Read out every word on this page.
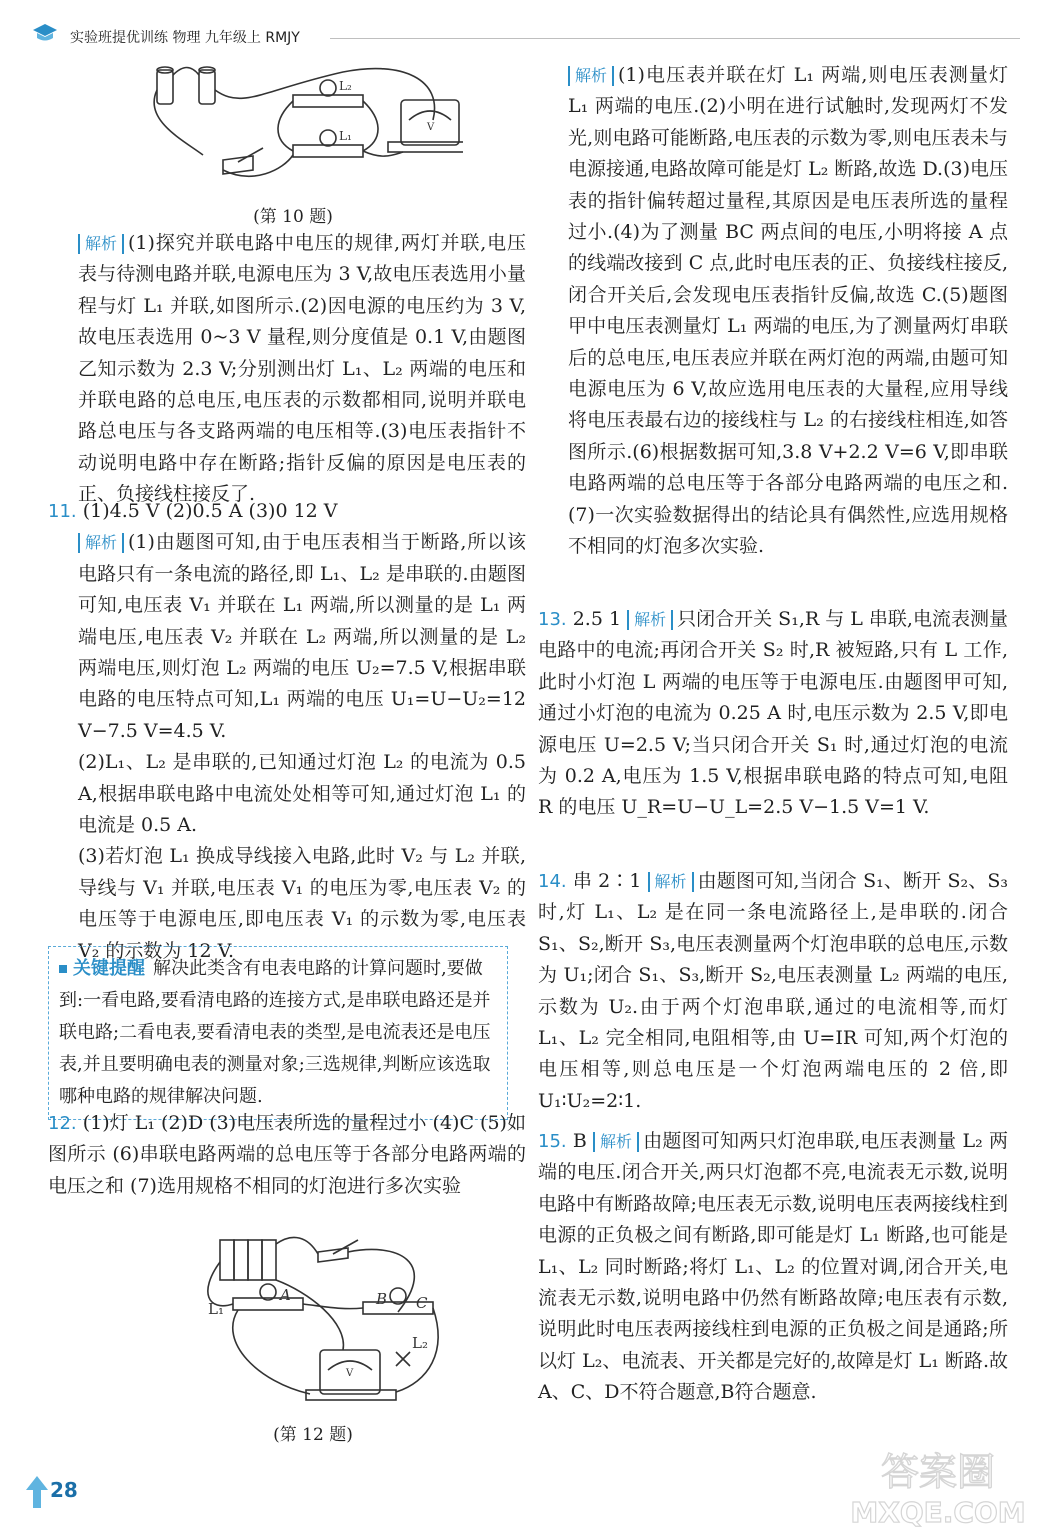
实验班提优训练 物理 九年级上 RMJY
L₂
L₁
V
(第 10 题)

解析 (1)探究并联电路中电压的规律,两灯并联,电压表与待测电路并联,电源电压为 3 V,故电压表选用小量程与灯 L₁ 并联,如图所示.(2)因电源的电压约为 3 V,故电压表选用 0~3 V 量程,则分度值是 0.1 V,由题图乙知示数为 2.3 V;分别测出灯 L₁、L₂ 两端的电压和并联电路的总电压,电压表的示数都相同,说明并联电路总电压与各支路两端的电压相等.(3)电压表指针不动说明电路中存在断路;指针反偏的原因是电压表的正、负接线柱接反了.

11. (1)4.5 V (2)0.5 A (3)0 12 V

解析 (1)由题图可知,由于电压表相当于断路,所以该电路只有一条电流的路径,即 L₁、L₂ 是串联的.由题图可知,电压表 V₁ 并联在 L₁ 两端,所以测量的是 L₁ 两端电压,电压表 V₂ 并联在 L₂ 两端,所以测量的是 L₂ 两端电压,则灯泡 L₂ 两端的电压 U₂=7.5 V,根据串联电路的电压特点可知,L₁ 两端的电压 U₁=U−U₂=12 V−7.5 V=4.5 V.

(2)L₁、L₂ 是串联的,已知通过灯泡 L₂ 的电流为 0.5 A,根据串联电路中电流处处相等可知,通过灯泡 L₁ 的电流是 0.5 A.

(3)若灯泡 L₁ 换成导线接入电路,此时 V₂ 与 L₂ 并联,导线与 V₁ 并联,电压表 V₁ 的电压为零,电压表 V₂ 的电压等于电源电压,即电压表 V₁ 的示数为零,电压表 V₂ 的示数为 12 V.

关键提醒 解决此类含有电表电路的计算问题时,要做到:一看电路,要看清电路的连接方式,是串联电路还是并联电路;二看电表,要看清电表的类型,是电流表还是电压表,并且要明确电表的测量对象;三选规律,判断应该选取哪种电路的规律解决问题.

12. (1)灯 L₁ (2)D (3)电压表所选的量程过小 (4)C (5)如图所示 (6)串联电路两端的总电压等于各部分电路两端的电压之和 (7)选用规格不相同的灯泡进行多次实验

L₁
A	B C
L₂
V
(第 12 题)

解析 (1)电压表并联在灯 L₁ 两端,则电压表测量灯 L₁ 两端的电压.(2)小明在进行试触时,发现两灯不发光,则电路可能断路,电压表的示数为零,则电压表未与电源接通,电路故障可能是灯 L₂ 断路,故选 D.(3)电压表的指针偏转超过量程,其原因是电压表所选的量程过小.(4)为了测量 BC 两点间的电压,小明将接 A 点的线端改接到 C 点,此时电压表的正、负接线柱接反,闭合开关后,会发现电压表指针反偏,故选 C.(5)题图甲中电压表测量灯 L₁ 两端的电压,为了测量两灯串联后的总电压,电压表应并联在两灯泡的两端,由题可知电源电压为 6 V,故应选用电压表的大量程,应用导线将电压表最右边的接线柱与 L₂ 的右接线柱相连,如答图所示.(6)根据数据可知,3.8 V+2.2 V=6 V,即串联电路两端的总电压等于各部分电路两端的电压之和.(7)一次实验数据得出的结论具有偶然性,应选用规格不相同的灯泡多次实验.

13. 2.5 1 解析 只闭合开关 S₁,R 与 L 串联,电流表测量电路中的电流;再闭合开关 S₂ 时,R 被短路,只有 L 工作,此时小灯泡 L 两端的电压等于电源电压.由题图甲可知,通过小灯泡的电流为 0.25 A 时,电压示数为 2.5 V,即电源电压 U=2.5 V;当只闭合开关 S₁ 时,通过灯泡的电流为 0.2 A,电压为 1.5 V,根据串联电路的特点可知,电阻 R 的电压 U_R=U−U_L=2.5 V−1.5 V=1 V.

14. 串 2∶1 解析 由题图可知,当闭合 S₁、断开 S₂、S₃ 时,灯 L₁、L₂ 是在同一条电流路径上,是串联的.闭合 S₁、S₂,断开 S₃,电压表测量两个灯泡串联的总电压,示数为 U₁;闭合 S₁、S₃,断开 S₂,电压表测量 L₂ 两端的电压,示数为 U₂.由于两个灯泡串联,通过的电流相等,而灯 L₁、L₂ 完全相同,电阻相等,由 U=IR 可知,两个灯泡的电压相等,则总电压是一个灯泡两端电压的 2 倍,即 U₁∶U₂=2∶1.

15. B 解析 由题图可知两只灯泡串联,电压表测量 L₂ 两端的电压.闭合开关,两只灯泡都不亮,电流表无示数,说明电路中有断路故障;电压表无示数,说明电压表两接线柱到电源的正负极之间有断路,即可能是灯 L₁ 断路,也可能是 L₁、L₂ 同时断路;将灯 L₁、L₂ 的位置对调,闭合开关,电流表无示数,说明电路中仍然有断路故障;电压表有示数,说明此时电压表两接线柱到电源的正负极之间是通路;所以灯 L₂、电流表、开关都是完好的,故障是灯 L₁ 断路.故 A、C、D不符合题意,B符合题意.

28	答案圈
MXQE.COM
